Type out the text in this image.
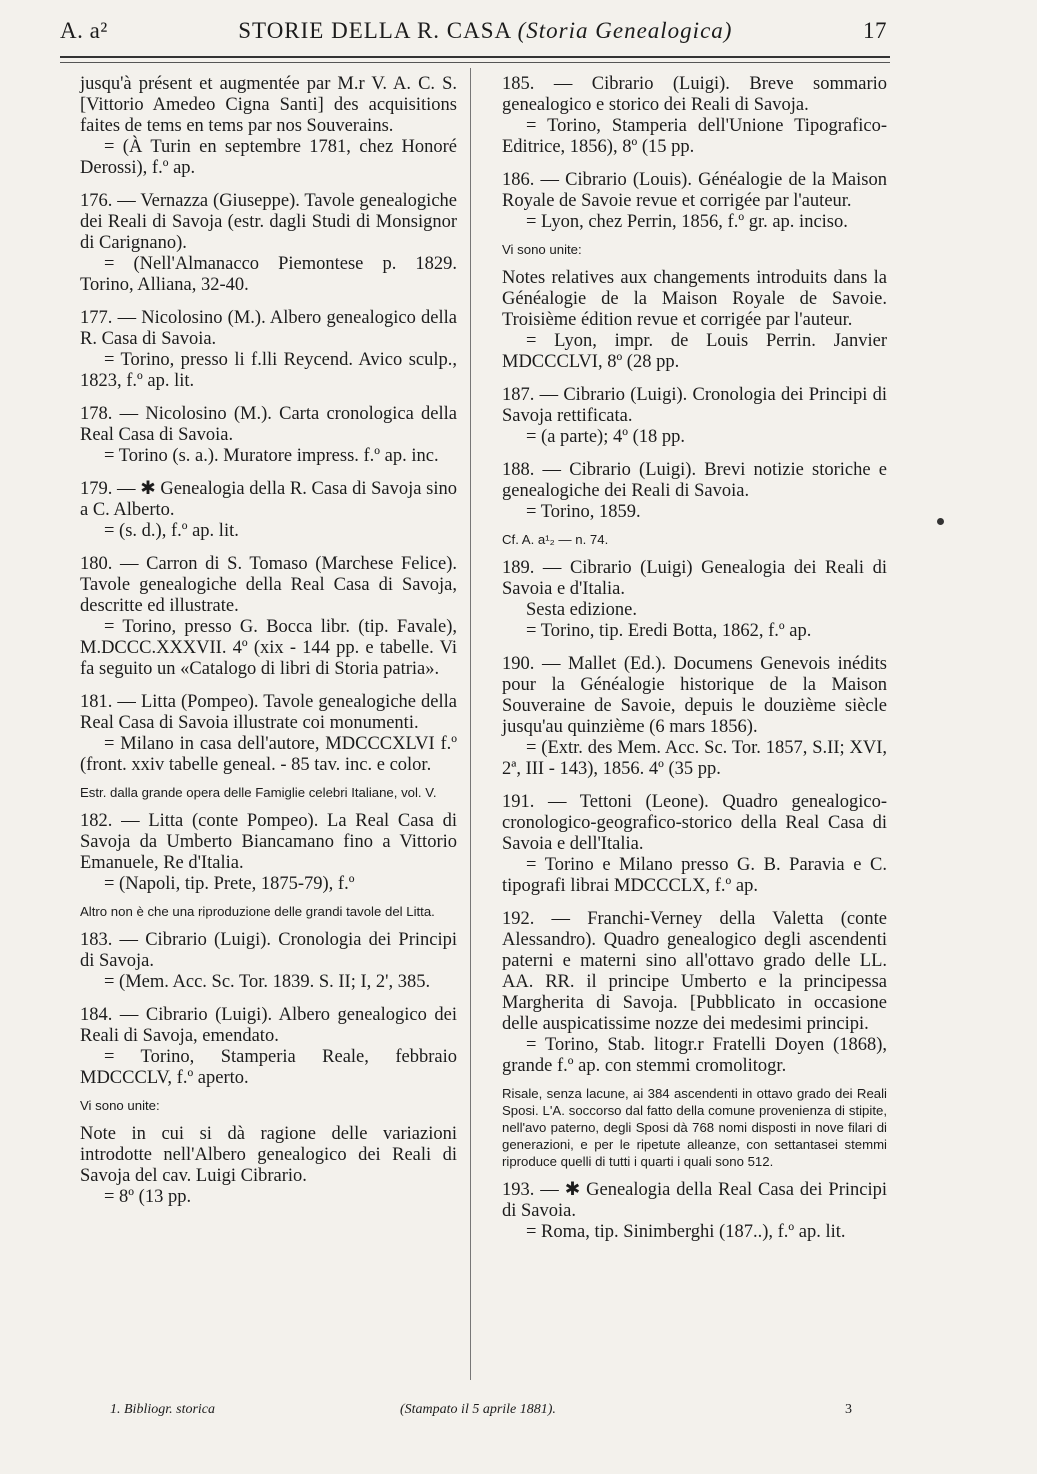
A. a²	STORIE DELLA R. CASA (Storia Genealogica)	17

jusqu'à présent et augmentée par M.r V. A. C. S. [Vittorio Amedeo Cigna Santi] des acquisitions faites de tems en tems par nos Souverains.

= (À Turin en septembre 1781, chez Honoré Derossi), f.º ap.

176. — Vernazza (Giuseppe). Tavole genealogiche dei Reali di Savoja (estr. dagli Studi di Monsignor di Carignano).

= (Nell'Almanacco Piemontese p. 1829. Torino, Alliana, 32-40.

177. — Nicolosino (M.). Albero genealogico della R. Casa di Savoia.

= Torino, presso li f.lli Reycend. Avico sculp., 1823, f.º ap. lit.

178. — Nicolosino (M.). Carta cronologica della Real Casa di Savoia.

= Torino (s. a.). Muratore impress. f.º ap. inc.

179. — ✱ Genealogia della R. Casa di Savoja sino a C. Alberto.

= (s. d.), f.º ap. lit.

180. — Carron di S. Tomaso (Marchese Felice). Tavole genealogiche della Real Casa di Savoja, descritte ed illustrate.

= Torino, presso G. Bocca libr. (tip. Favale), M.DCCC.XXXVII. 4º (xix - 144 pp. e tabelle. Vi fa seguito un «Catalogo di libri di Storia patria».

181. — Litta (Pompeo). Tavole genealogiche della Real Casa di Savoia illustrate coi monumenti.

= Milano in casa dell'autore, MDCCCXLVI f.º (front. xxiv tabelle geneal. - 85 tav. inc. e color.

Estr. dalla grande opera delle Famiglie celebri Italiane, vol. V.

182. — Litta (conte Pompeo). La Real Casa di Savoja da Umberto Biancamano fino a Vittorio Emanuele, Re d'Italia.

= (Napoli, tip. Prete, 1875-79), f.º

Altro non è che una riproduzione delle grandi tavole del Litta.

183. — Cibrario (Luigi). Cronologia dei Principi di Savoja.

= (Mem. Acc. Sc. Tor. 1839. S. II; I, 2', 385.

184. — Cibrario (Luigi). Albero genealogico dei Reali di Savoja, emendato.

= Torino, Stamperia Reale, febbraio MDCCCLV, f.º aperto.

Vi sono unite:

Note in cui si dà ragione delle variazioni introdotte nell'Albero genealogico dei Reali di Savoja del cav. Luigi Cibrario.

= 8º (13 pp.

185. — Cibrario (Luigi). Breve sommario genealogico e storico dei Reali di Savoja.

= Torino, Stamperia dell'Unione Tipografico-Editrice, 1856), 8º (15 pp.

186. — Cibrario (Louis). Généalogie de la Maison Royale de Savoie revue et corrigée par l'auteur.

= Lyon, chez Perrin, 1856, f.º gr. ap. inciso.

Vi sono unite:

Notes relatives aux changements introduits dans la Généalogie de la Maison Royale de Savoie. Troisième édition revue et corrigée par l'auteur.

= Lyon, impr. de Louis Perrin. Janvier MDCCCLVI, 8º (28 pp.

187. — Cibrario (Luigi). Cronologia dei Principi di Savoja rettificata.

= (a parte); 4º (18 pp.

188. — Cibrario (Luigi). Brevi notizie storiche e genealogiche dei Reali di Savoia.

= Torino, 1859.

Cf. A. a¹₂ — n. 74.

189. — Cibrario (Luigi) Genealogia dei Reali di Savoia e d'Italia.

Sesta edizione.

= Torino, tip. Eredi Botta, 1862, f.º ap.

190. — Mallet (Ed.). Documens Genevois inédits pour la Généalogie historique de la Maison Souveraine de Savoie, depuis le douzième siècle jusqu'au quinzième (6 mars 1856).

= (Extr. des Mem. Acc. Sc. Tor. 1857, S.II; XVI, 2ª, III - 143), 1856. 4º (35 pp.

191. — Tettoni (Leone). Quadro genealogico-cronologico-geografico-storico della Real Casa di Savoia e dell'Italia.

= Torino e Milano presso G. B. Paravia e C. tipografi librai MDCCCLX, f.º ap.

192. — Franchi-Verney della Valetta (conte Alessandro). Quadro genealogico degli ascendenti paterni e materni sino all'ottavo grado delle LL. AA. RR. il principe Umberto e la principessa Margherita di Savoja. [Pubblicato in occasione delle auspicatissime nozze dei medesimi principi.

= Torino, Stab. litogr.r Fratelli Doyen (1868), grande f.º ap. con stemmi cromolitogr.

Risale, senza lacune, ai 384 ascendenti in ottavo grado dei Reali Sposi. L'A. soccorso dal fatto della comune provenienza di stipite, nell'avo paterno, degli Sposi dà 768 nomi disposti in nove filari di generazioni, e per le ripetute alleanze, con settantasei stemmi riproduce quelli di tutti i quarti i quali sono 512.

193. — ✱ Genealogia della Real Casa dei Principi di Savoia.

= Roma, tip. Sinimberghi (187..), f.º ap. lit.

1. Bibliogr. storica	(Stampato il 5 aprile 1881).	3
